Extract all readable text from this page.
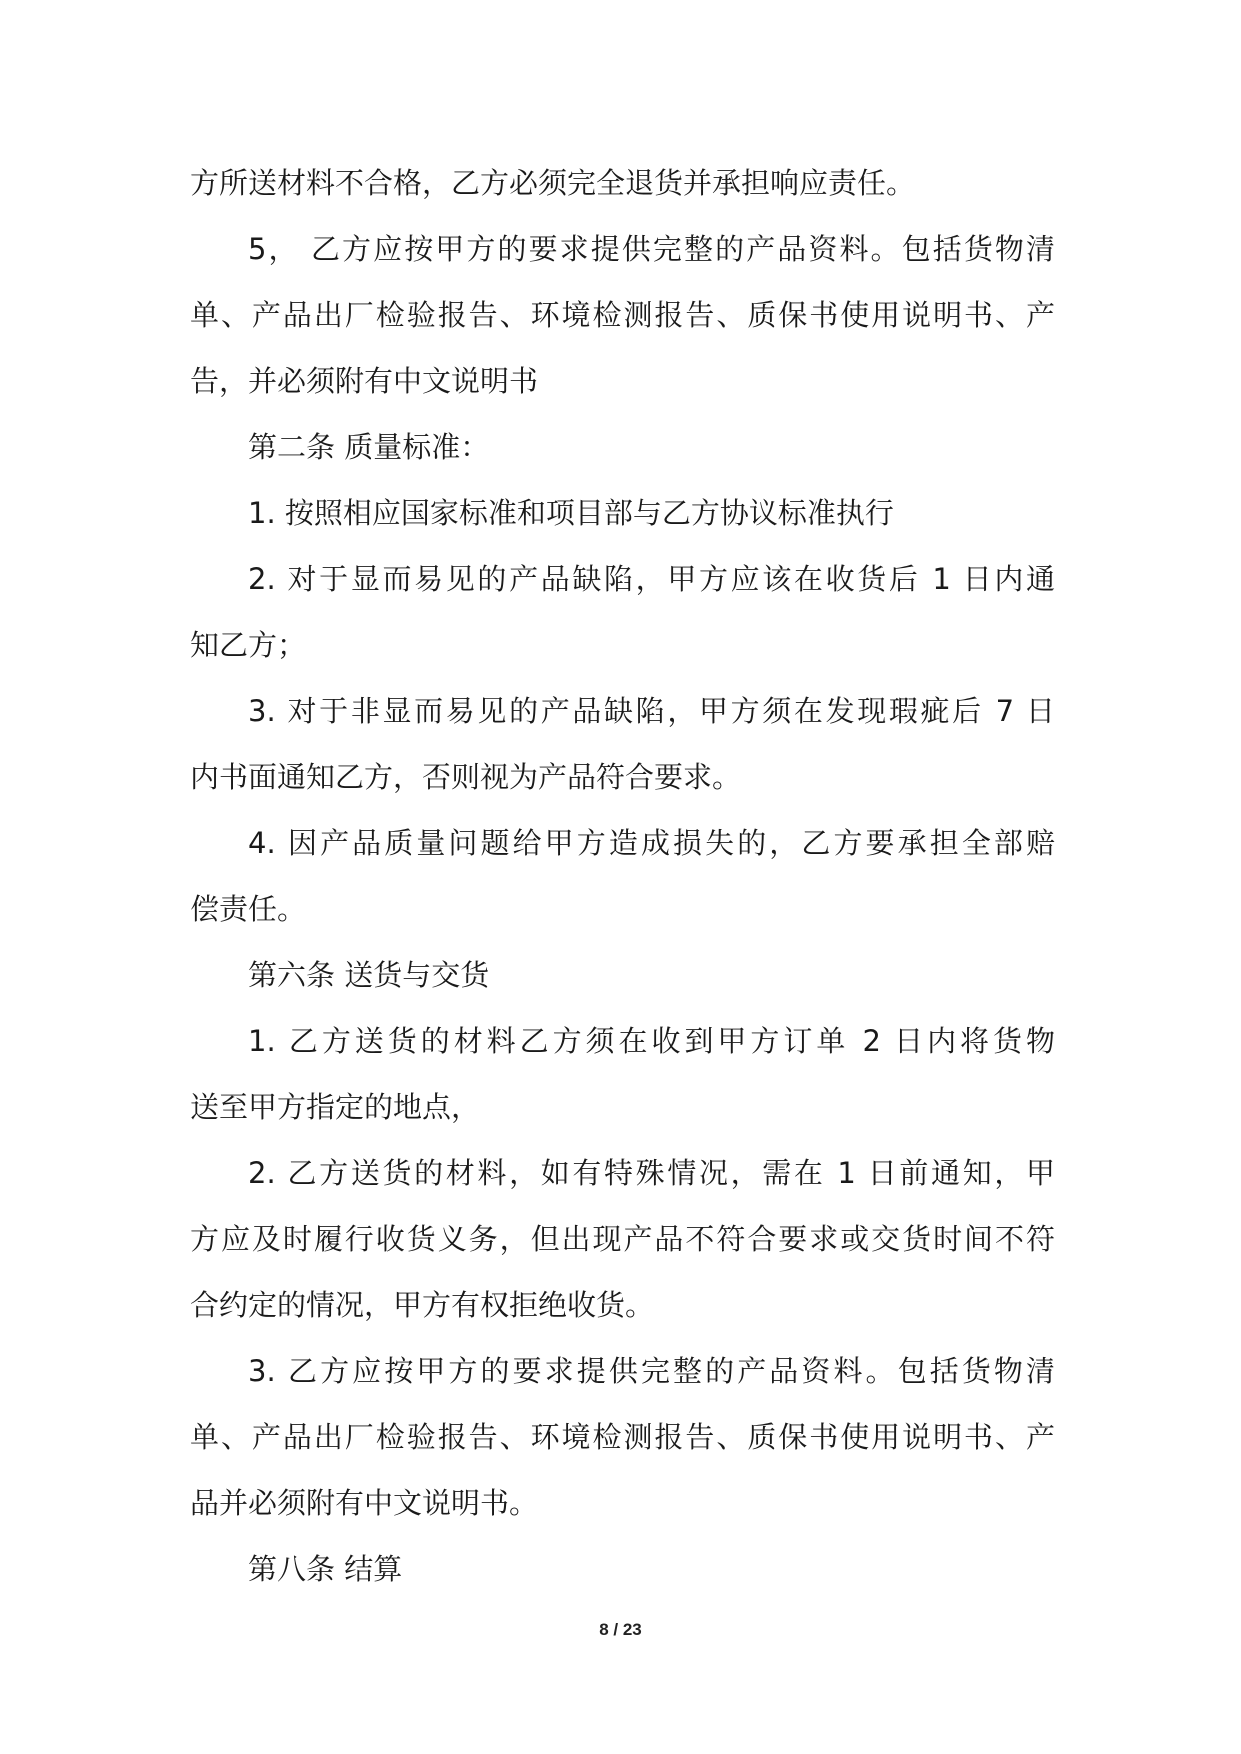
方所送材料不合格，乙方必须完全退货并承担响应责任。
5， 乙方应按甲方的要求提供完整的产品资料。包括货物清
单、产品出厂检验报告、环境检测报告、质保书使用说明书、产
告，并必须附有中文说明书
第二条 质量标准：
1. 按照相应国家标准和项目部与乙方协议标准执行
2. 对于显而易见的产品缺陷，甲方应该在收货后 1 日内通
知乙方；
3. 对于非显而易见的产品缺陷，甲方须在发现瑕疵后 7 日
内书面通知乙方，否则视为产品符合要求。
4. 因产品质量问题给甲方造成损失的，乙方要承担全部赔
偿责任。
第六条 送货与交货
1. 乙方送货的材料乙方须在收到甲方订单 2 日内将货物
送至甲方指定的地点，
2. 乙方送货的材料，如有特殊情况，需在 1 日前通知，甲
方应及时履行收货义务，但出现产品不符合要求或交货时间不符
合约定的情况，甲方有权拒绝收货。
3. 乙方应按甲方的要求提供完整的产品资料。包括货物清
单、产品出厂检验报告、环境检测报告、质保书使用说明书、产
品并必须附有中文说明书。
第八条 结算
8 / 23
